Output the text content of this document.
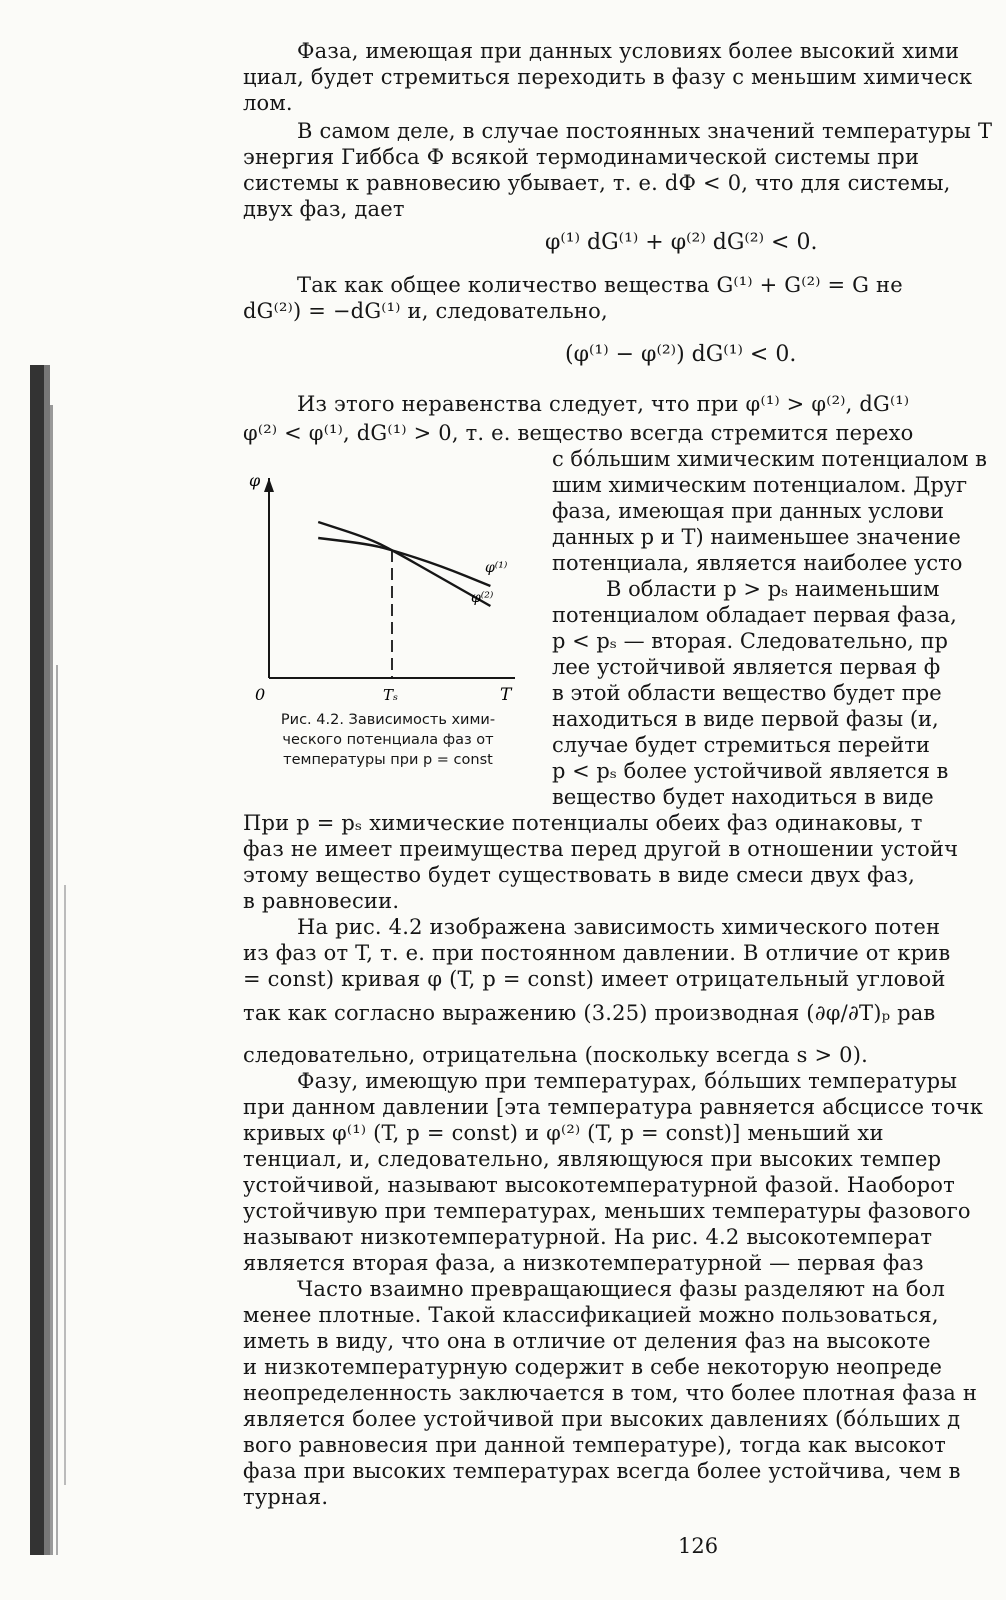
Фаза, имеющая при данных условиях более высокий хими
циал, будет стремиться переходить в фазу с меньшим химическ
лом.
В самом деле, в случае постоянных значений температуры T
энергия Гиббса Ф всякой термодинамической системы при
системы к равновесию убывает, т. е. dФ < 0, что для системы,
двух фаз, дает
φ⁽¹⁾ dG⁽¹⁾ + φ⁽²⁾ dG⁽²⁾ < 0.
Так как общее количество вещества G⁽¹⁾ + G⁽²⁾ = G не
dG⁽²⁾) = −dG⁽¹⁾ и, следовательно,
(φ⁽¹⁾ − φ⁽²⁾) dG⁽¹⁾ < 0.
Из этого неравенства следует, что при φ⁽¹⁾ > φ⁽²⁾, dG⁽¹⁾
φ⁽²⁾ < φ⁽¹⁾, dG⁽¹⁾ > 0, т. е. вещество всегда стремится перехо
φ
T
0	Tₛ
φ⁽¹⁾
φ⁽²⁾
Рис. 4.2. Зависимость хими-
ческого потенциала фаз от
температуры при p = const
с бо́льшим химическим потенциалом в
шим химическим потенциалом. Друг
фаза, имеющая при данных услови
данных p и T) наименьшее значение
потенциала, является наиболее усто
В области p > pₛ наименьшим
потенциалом обладает первая фаза,
p < pₛ — вторая. Следовательно, пр
лее устойчивой является первая ф
в этой области вещество будет пре
находиться в виде первой фазы (и,
случае будет стремиться перейти
p < pₛ более устойчивой является в
вещество будет находиться в виде
При p = pₛ химические потенциалы обеих фаз одинаковы, т
фаз не имеет преимущества перед другой в отношении устойч
этому вещество будет существовать в виде смеси двух фаз,
в равновесии.
На рис. 4.2 изображена зависимость химического потен
из фаз от T, т. е. при постоянном давлении. В отличие от крив
= const) кривая φ (T, p = const) имеет отрицательный угловой
так как согласно выражению (3.25) производная (∂φ/∂T)ₚ рав
следовательно, отрицательна (поскольку всегда s > 0).
Фазу, имеющую при температурах, бо́льших температуры
при данном давлении [эта температура равняется абсциссе точк
кривых φ⁽¹⁾ (T, p = const) и φ⁽²⁾ (T, p = const)] меньший хи
тенциал, и, следовательно, являющуюся при высоких темпер
устойчивой, называют высокотемпературной фазой. Наоборот
устойчивую при температурах, меньших температуры фазового
называют низкотемпературной. На рис. 4.2 высокотемперат
является вторая фаза, а низкотемпературной — первая фаз
Часто взаимно превращающиеся фазы разделяют на бол
менее плотные. Такой классификацией можно пользоваться,
иметь в виду, что она в отличие от деления фаз на высокоте
и низкотемпературную содержит в себе некоторую неопреде
неопределенность заключается в том, что более плотная фаза н
является более устойчивой при высоких давлениях (бо́льших д
вого равновесия при данной температуре), тогда как высокот
фаза при высоких температурах всегда более устойчива, чем в
турная.
126
